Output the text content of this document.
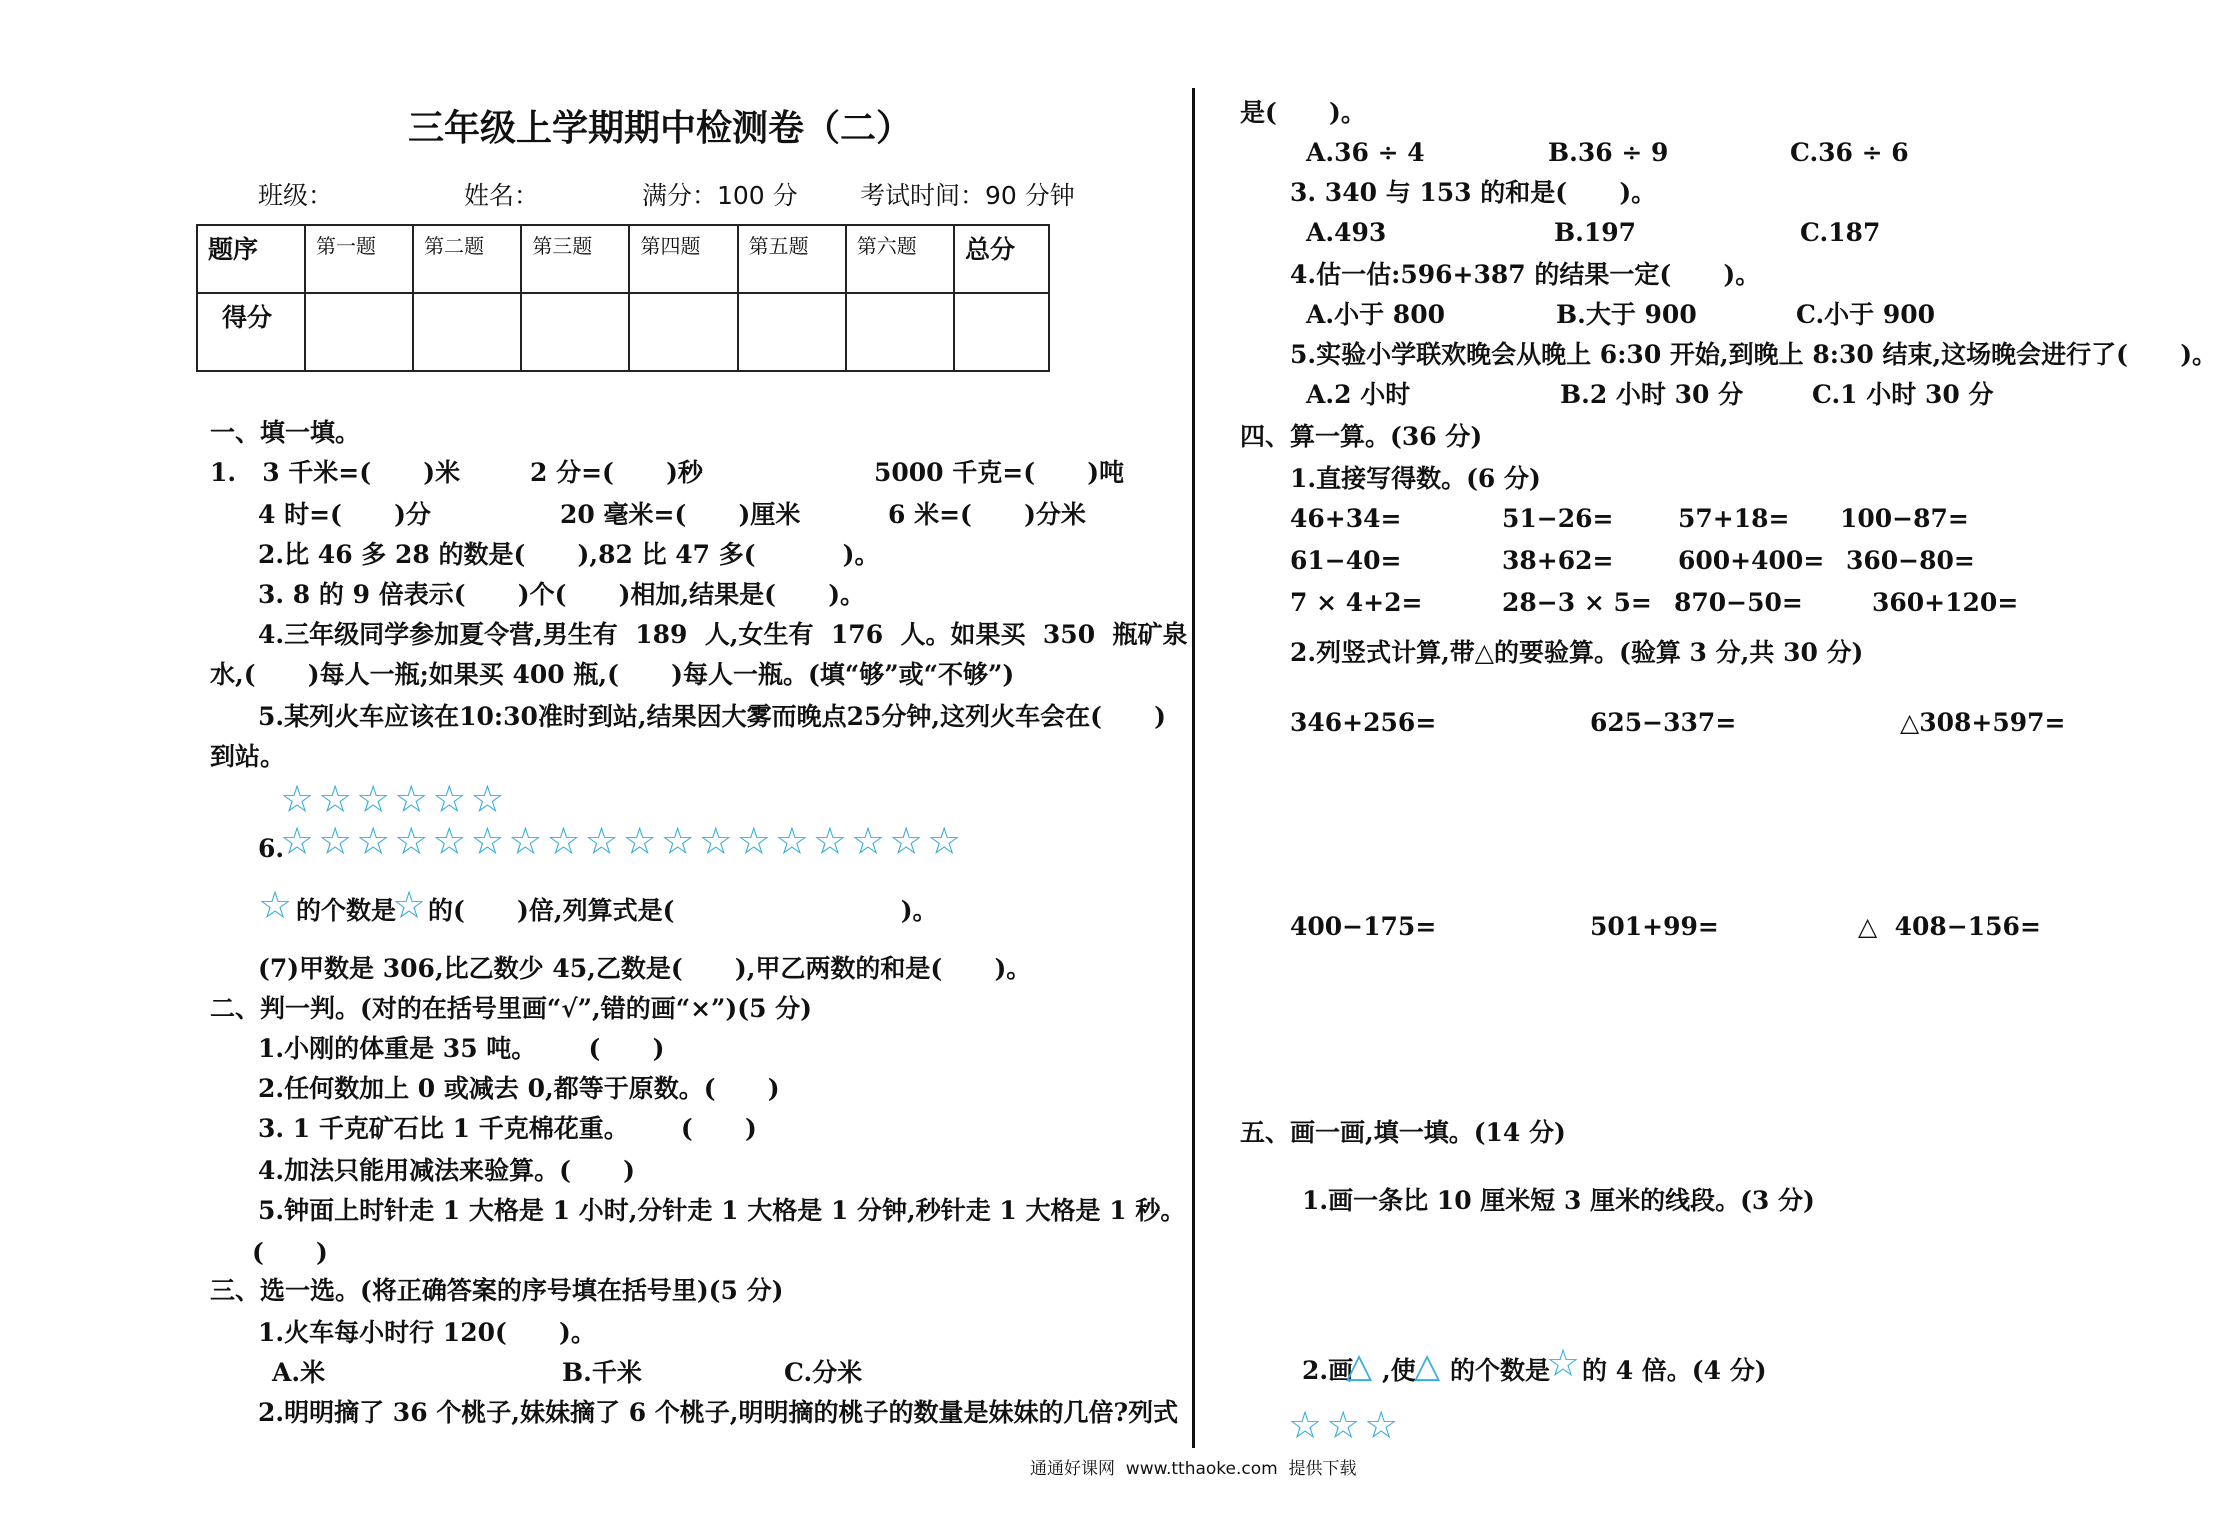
三年级上学期期中检测卷（二）
班级：	姓名：	满分：100 分 考试时间：90 分钟
题序	第一题	第二题	第三题	第四题	第五题	第六题	总分
得分							
一、填一填。
1.   3 千米=(      )米	2 分=(      )秒	5000 千克=(      )吨
4 时=(      )分	20 毫米=(      )厘米	6 米=(      )分米
2.比 46 多 28 的数是(      ),82 比 47 多(          )。
3. 8 的 9 倍表示(      )个(      )相加,结果是(      )。
4.三年级同学参加夏令营,男生有  189  人,女生有  176  人。如果买  350  瓶矿泉
水,(      )每人一瓶;如果买 400 瓶,(      )每人一瓶。(填“够”或“不够”)
5.某列火车应该在10:30准时到站,结果因大雾而晚点25分钟,这列火车会在(      )
到站。
☆☆☆☆☆☆
6.
☆☆☆☆☆☆☆☆☆☆☆☆☆☆☆☆☆☆
☆ 的个数是
☆
的(      )倍,列算式是(                          )。
(7)甲数是 306,比乙数少 45,乙数是(      ),甲乙两数的和是(      )。
二、判一判。(对的在括号里画“√”,错的画“×”)(5 分)
1.小刚的体重是 35 吨。      (      )
2.任何数加上 0 或减去 0,都等于原数。(      )
3. 1 千克矿石比 1 千克棉花重。      (      )
4.加法只能用减法来验算。(      )
5.钟面上时针走 1 大格是 1 小时,分针走 1 大格是 1 分钟,秒针走 1 大格是 1 秒。
(      )
三、选一选。(将正确答案的序号填在括号里)(5 分)
1.火车每小时行 120(      )。
A.米	B.千米	C.分米
2.明明摘了 36 个桃子,妹妹摘了 6 个桃子,明明摘的桃子的数量是妹妹的几倍?列式
是(      )。
A.36 ÷ 4	B.36 ÷ 9	C.36 ÷ 6
3. 340 与 153 的和是(      )。
A.493	B.197	C.187
4.估一估:596+387 的结果一定(      )。
A.小于 800	B.大于 900	C.小于 900
5.实验小学联欢晚会从晚上 6:30 开始,到晚上 8:30 结束,这场晚会进行了(      )。
A.2 小时	B.2 小时 30 分	C.1 小时 30 分
四、算一算。(36 分)
1.直接写得数。(6 分)
46+34=	51−26=	57+18= 100−87=
61−40=	38+62=	600+400= 360−80=
7 × 4+2=	28−3 × 5= 870−50=	360+120=
2.列竖式计算,带△的要验算。(验算 3 分,共 30 分)
346+256=	625−337=	△308+597=
400−175=	501+99=	△  408−156=
五、画一画,填一填。(14 分)
1.画一条比 10 厘米短 3 厘米的线段。(3 分)
2.画
△ ,使
△ 的个数是
☆
的 4 倍。(4 分)
☆☆☆
通通好课网  www.tthaoke.com  提供下载
